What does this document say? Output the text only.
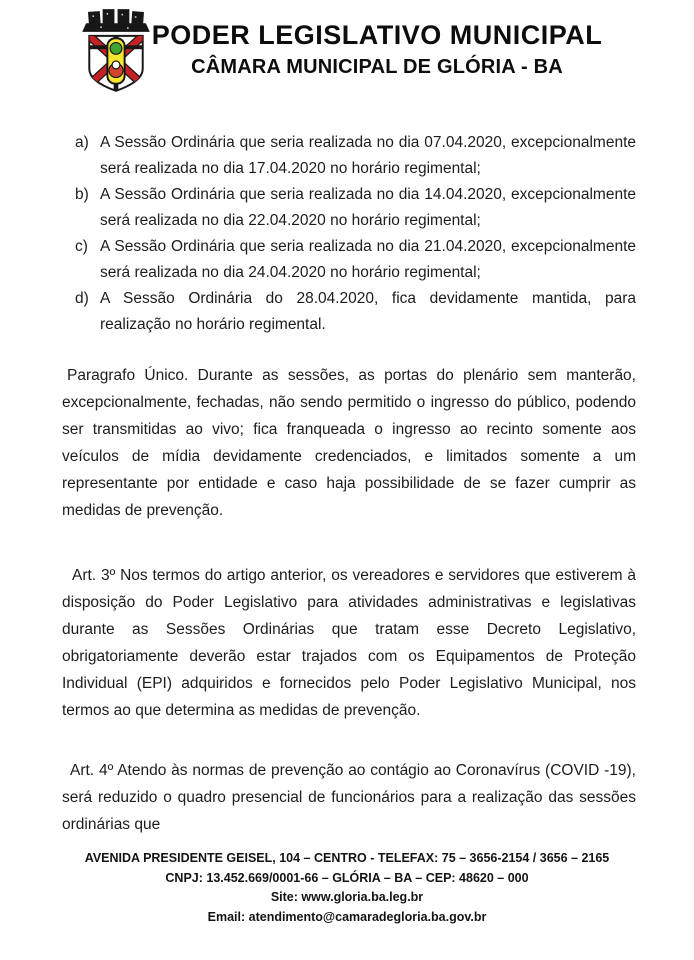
PODER LEGISLATIVO MUNICIPAL
CÂMARA MUNICIPAL DE GLÓRIA - BA
a) A Sessão Ordinária que seria realizada no dia 07.04.2020, excepcionalmente será realizada no dia 17.04.2020 no horário regimental;
b) A Sessão Ordinária que seria realizada no dia 14.04.2020, excepcionalmente será realizada no dia 22.04.2020 no horário regimental;
c) A Sessão Ordinária que seria realizada no dia 21.04.2020, excepcionalmente será realizada no dia 24.04.2020 no horário regimental;
d) A Sessão Ordinária do 28.04.2020, fica devidamente mantida, para realização no horário regimental.
Paragrafo Único. Durante as sessões, as portas do plenário sem manterão, excepcionalmente, fechadas, não sendo permitido o ingresso do público, podendo ser transmitidas ao vivo; fica franqueada o ingresso ao recinto somente aos veículos de mídia devidamente credenciados, e limitados somente a um representante por entidade e caso haja possibilidade de se fazer cumprir as medidas de prevenção.
Art. 3º Nos termos do artigo anterior, os vereadores e servidores que estiverem à disposição do Poder Legislativo para atividades administrativas e legislativas durante as Sessões Ordinárias que tratam esse Decreto Legislativo, obrigatoriamente deverão estar trajados com os Equipamentos de Proteção Individual (EPI) adquiridos e fornecidos pelo Poder Legislativo Municipal, nos termos ao que determina as medidas de prevenção.
Art. 4º Atendo às normas de prevenção ao contágio ao Coronavírus (COVID -19), será reduzido o quadro presencial de funcionários para a realização das sessões ordinárias que
AVENIDA PRESIDENTE GEISEL, 104 – CENTRO - TELEFAX: 75 – 3656-2154 / 3656 – 2165
CNPJ: 13.452.669/0001-66 – GLÓRIA – BA – CEP: 48620 – 000
Site: www.gloria.ba.leg.br
Email: atendimento@camaradegloria.ba.gov.br
